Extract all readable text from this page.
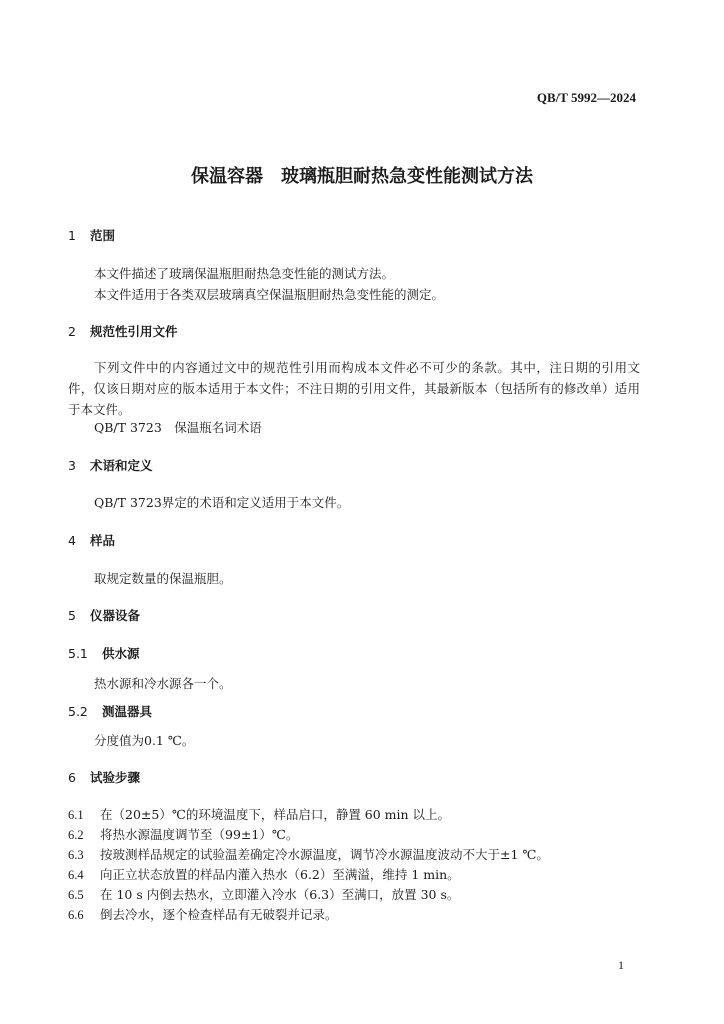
QB/T 5992—2024
保温容器 玻璃瓶胆耐热急变性能测试方法
1 范围
本文件描述了玻璃保温瓶胆耐热急变性能的测试方法。
本文件适用于各类双层玻璃真空保温瓶胆耐热急变性能的测定。
2 规范性引用文件
下列文件中的内容通过文中的规范性引用而构成本文件必不可少的条款。其中，注日期的引用文件，仅该日期对应的版本适用于本文件；不注日期的引用文件，其最新版本（包括所有的修改单）适用于本文件。
QB/T 3723　保温瓶名词术语
3 术语和定义
QB/T 3723界定的术语和定义适用于本文件。
4 样品
取规定数量的保温瓶胆。
5 仪器设备
5.1 供水源
热水源和冷水源各一个。
5.2 测温器具
分度值为0.1 ℃。
6 试验步骤
6.1 在（20±5）℃的环境温度下，样品启口，静置 60 min 以上。
6.2 将热水源温度调节至（99±1）℃。
6.3 按玻测样品规定的试验温差确定冷水源温度，调节冷水源温度波动不大于±1 ℃。
6.4 向正立状态放置的样品内灌入热水（6.2）至满溢，维持 1 min。
6.5 在 10 s 内倒去热水，立即灌入冷水（6.3）至满口，放置 30 s。
6.6 倒去冷水，逐个检查样品有无破裂并记录。
1
